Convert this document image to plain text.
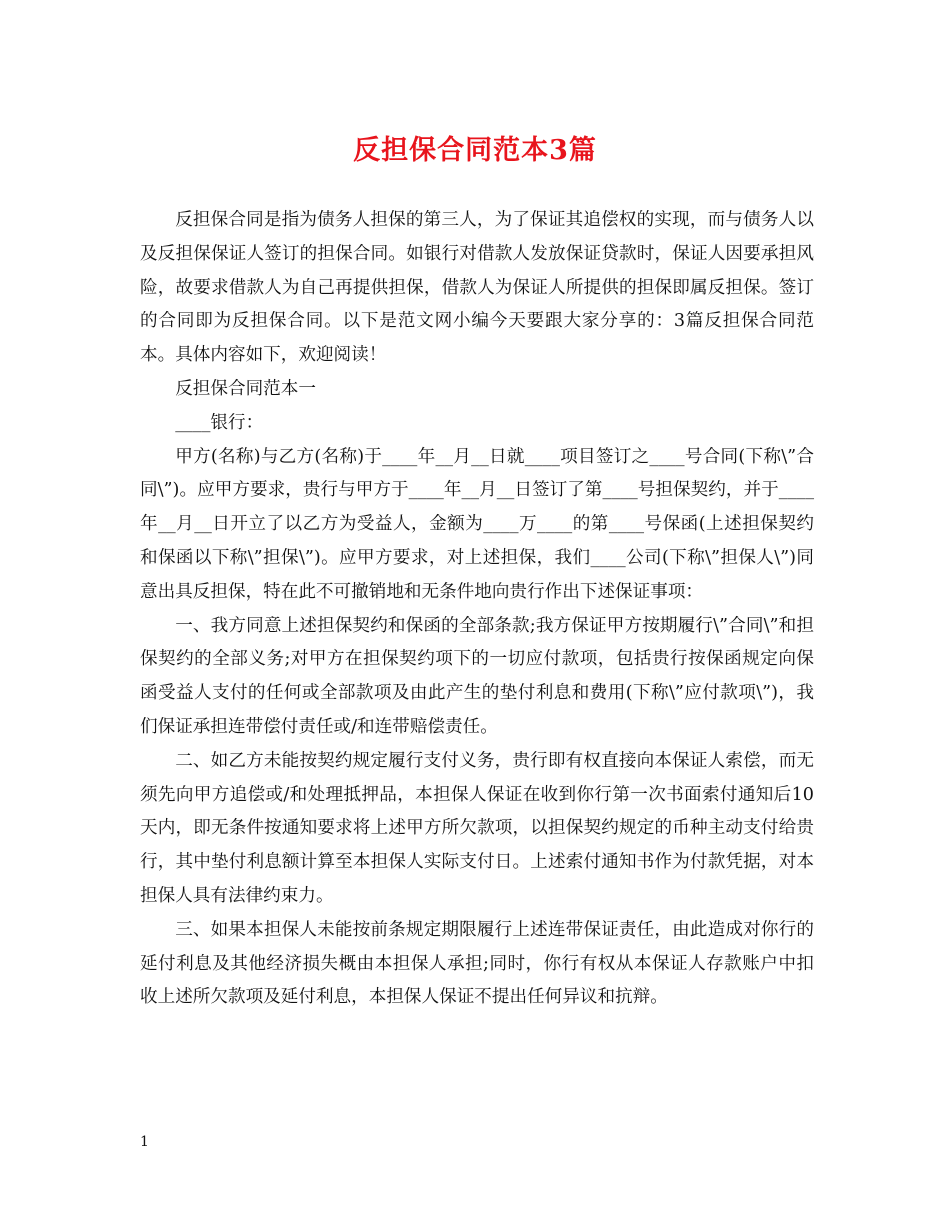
反担保合同范本3篇

反担保合同是指为债务人担保的第三人，为了保证其追偿权的实现，而与债务人以及反担保保证人签订的担保合同。如银行对借款人发放保证贷款时，保证人因要承担风险，故要求借款人为自己再提供担保，借款人为保证人所提供的担保即属反担保。签订的合同即为反担保合同。以下是范文网小编今天要跟大家分享的：3篇反担保合同范本。具体内容如下，欢迎阅读！

反担保合同范本一

____银行：

甲方(名称)与乙方(名称)于____年__月__日就____项目签订之____号合同(下称\”合同\”)。应甲方要求，贵行与甲方于____年__月__日签订了第____号担保契约，并于____年__月__日开立了以乙方为受益人，金额为____万____的第____号保函(上述担保契约和保函以下称\”担保\”)。应甲方要求，对上述担保，我们____公司(下称\”担保人\”)同意出具反担保，特在此不可撤销地和无条件地向贵行作出下述保证事项：

一、我方同意上述担保契约和保函的全部条款;我方保证甲方按期履行\”合同\”和担保契约的全部义务;对甲方在担保契约项下的一切应付款项，包括贵行按保函规定向保函受益人支付的任何或全部款项及由此产生的垫付利息和费用(下称\”应付款项\”)，我们保证承担连带偿付责任或/和连带赔偿责任。

二、如乙方未能按契约规定履行支付义务，贵行即有权直接向本保证人索偿，而无须先向甲方追偿或/和处理抵押品，本担保人保证在收到你行第一次书面索付通知后10天内，即无条件按通知要求将上述甲方所欠款项，以担保契约规定的币种主动支付给贵行，其中垫付利息额计算至本担保人实际支付日。上述索付通知书作为付款凭据，对本担保人具有法律约束力。

三、如果本担保人未能按前条规定期限履行上述连带保证责任，由此造成对你行的延付利息及其他经济损失概由本担保人承担;同时，你行有权从本保证人存款账户中扣收上述所欠款项及延付利息，本担保人保证不提出任何异议和抗辩。

1
